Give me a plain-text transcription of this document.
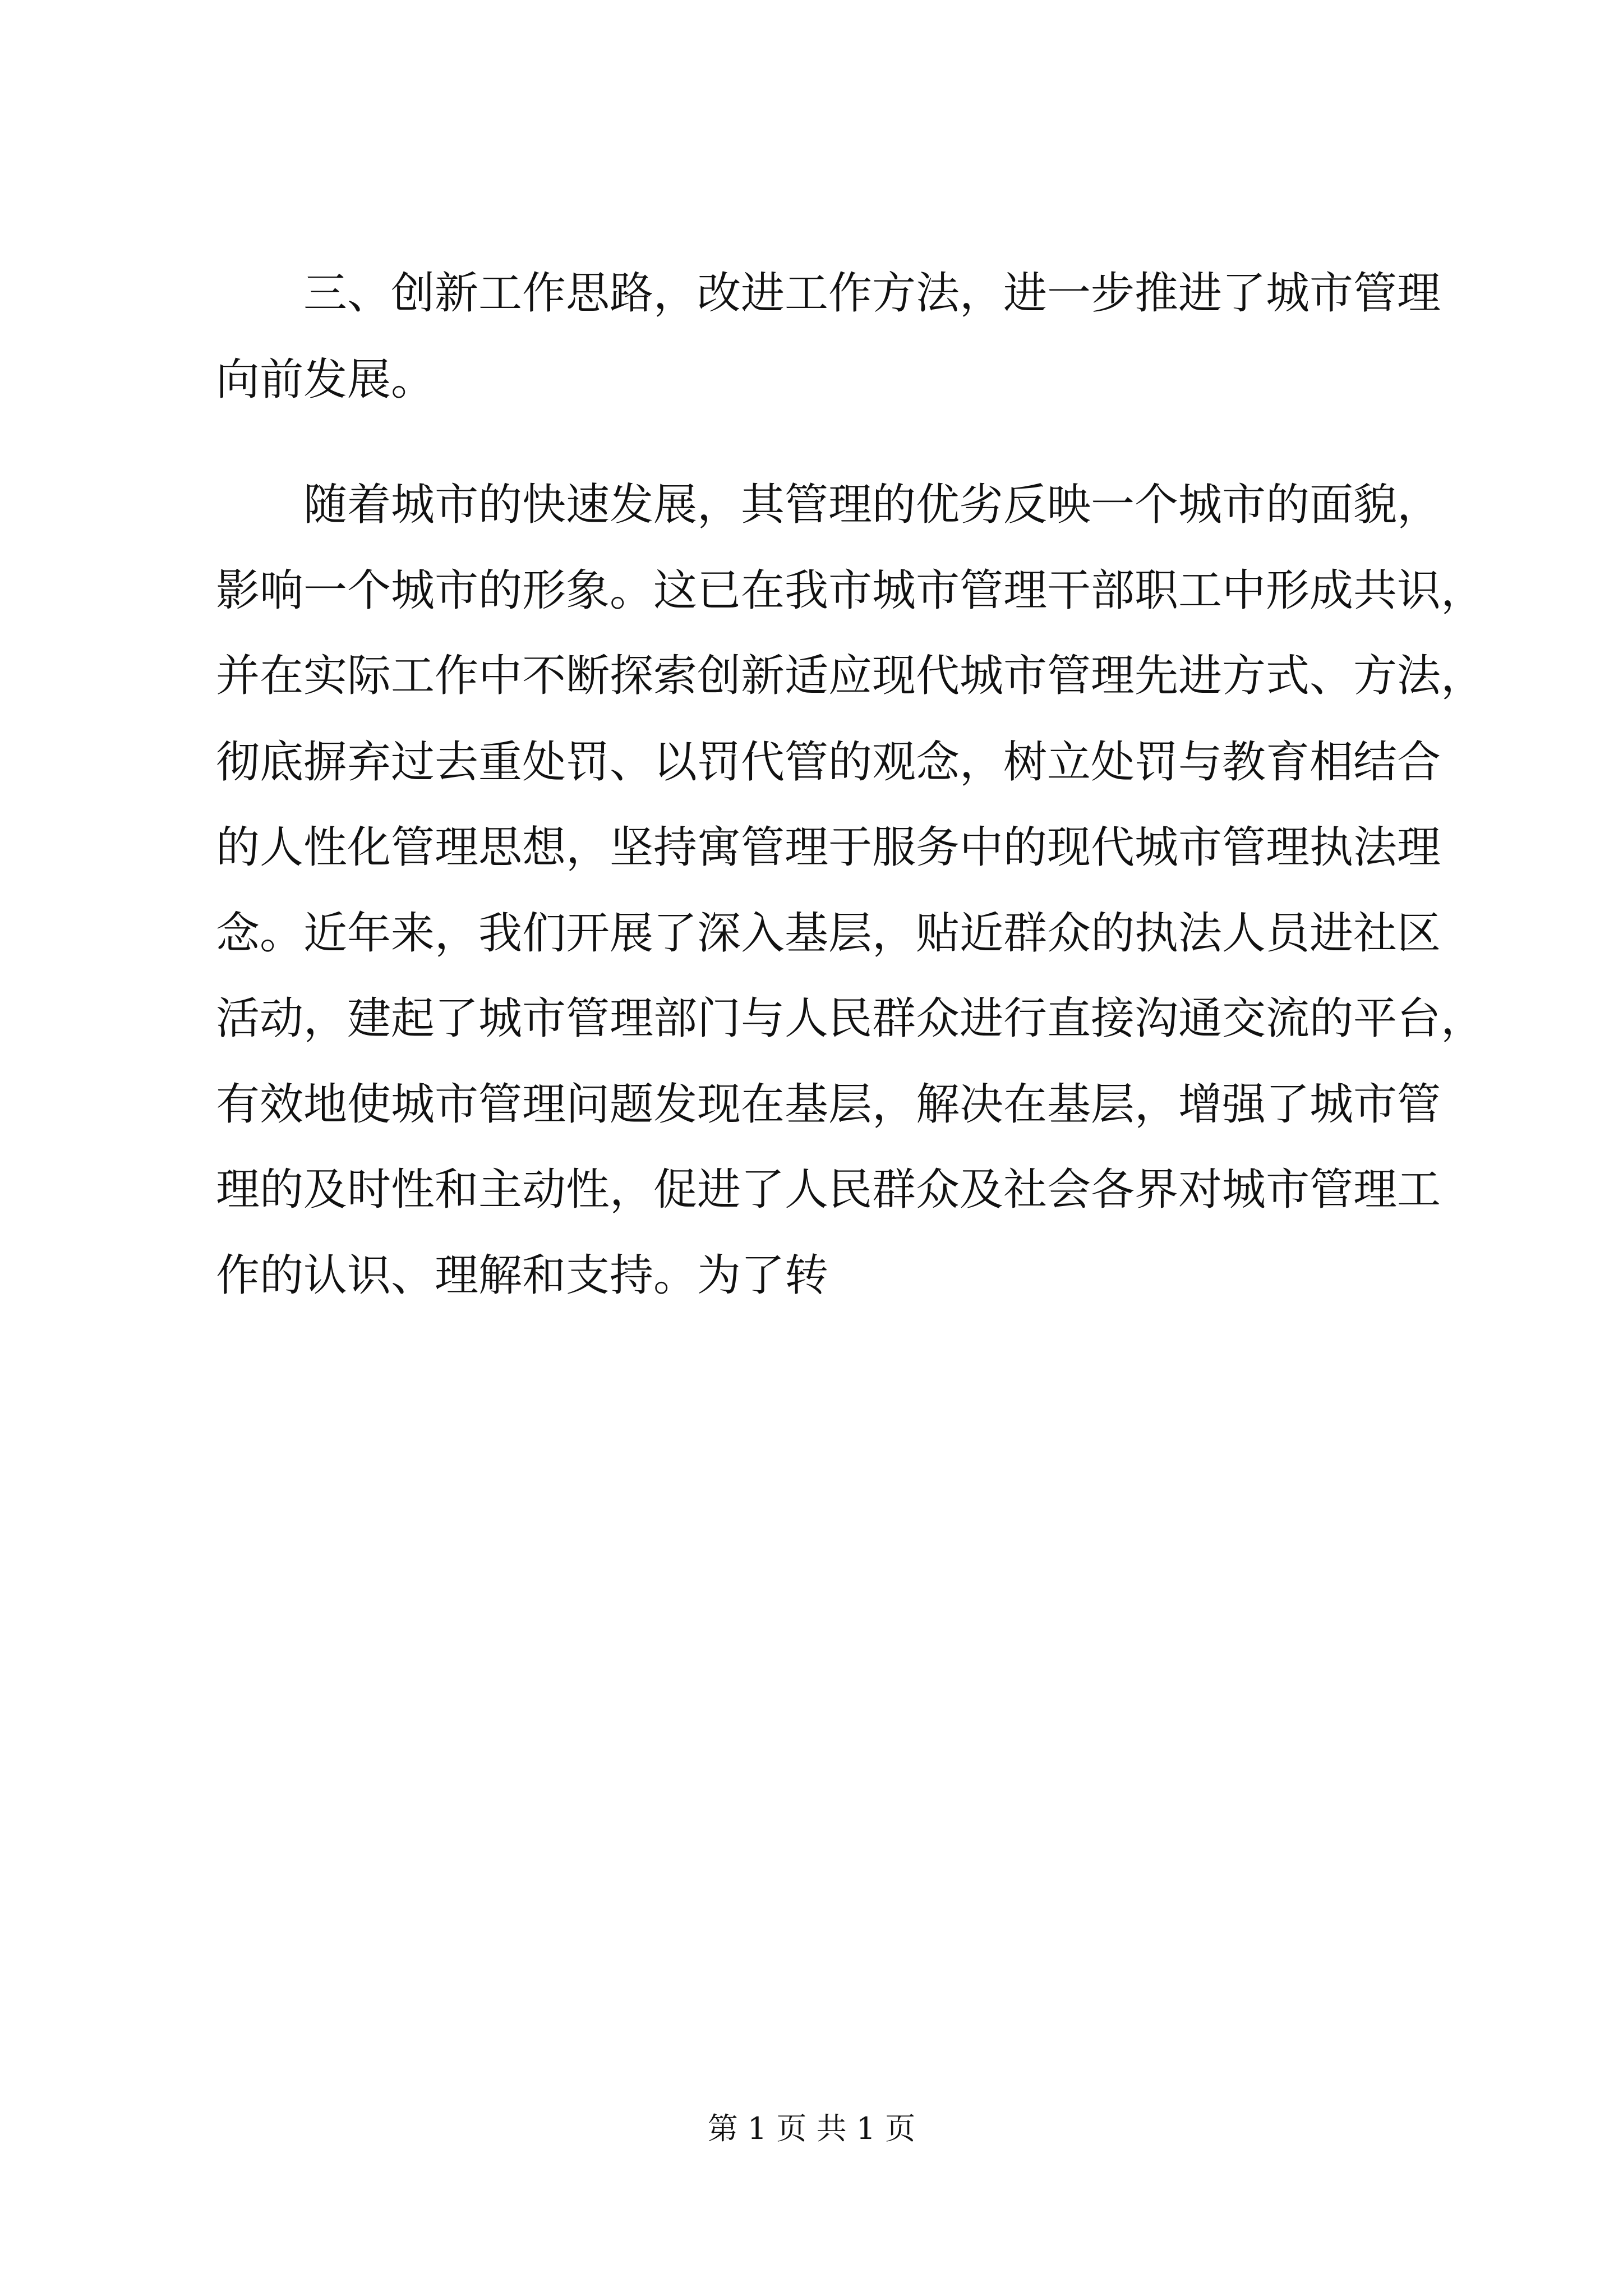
三、创新工作思路，改进工作方法，进一步推进了城市管理
向前发展。
随着城市的快速发展，其管理的优劣反映一个城市的面貌，
影响一个城市的形象。这已在我市城市管理干部职工中形成共识，
并在实际工作中不断探索创新适应现代城市管理先进方式、方法，
彻底摒弃过去重处罚、以罚代管的观念，树立处罚与教育相结合
的人性化管理思想，坚持寓管理于服务中的现代城市管理执法理
念。近年来，我们开展了深入基层，贴近群众的执法人员进社区
活动，建起了城市管理部门与人民群众进行直接沟通交流的平台，
有效地使城市管理问题发现在基层，解决在基层，增强了城市管
理的及时性和主动性，促进了人民群众及社会各界对城市管理工
作的认识、理解和支持。为了转
第 1 页 共 1 页
